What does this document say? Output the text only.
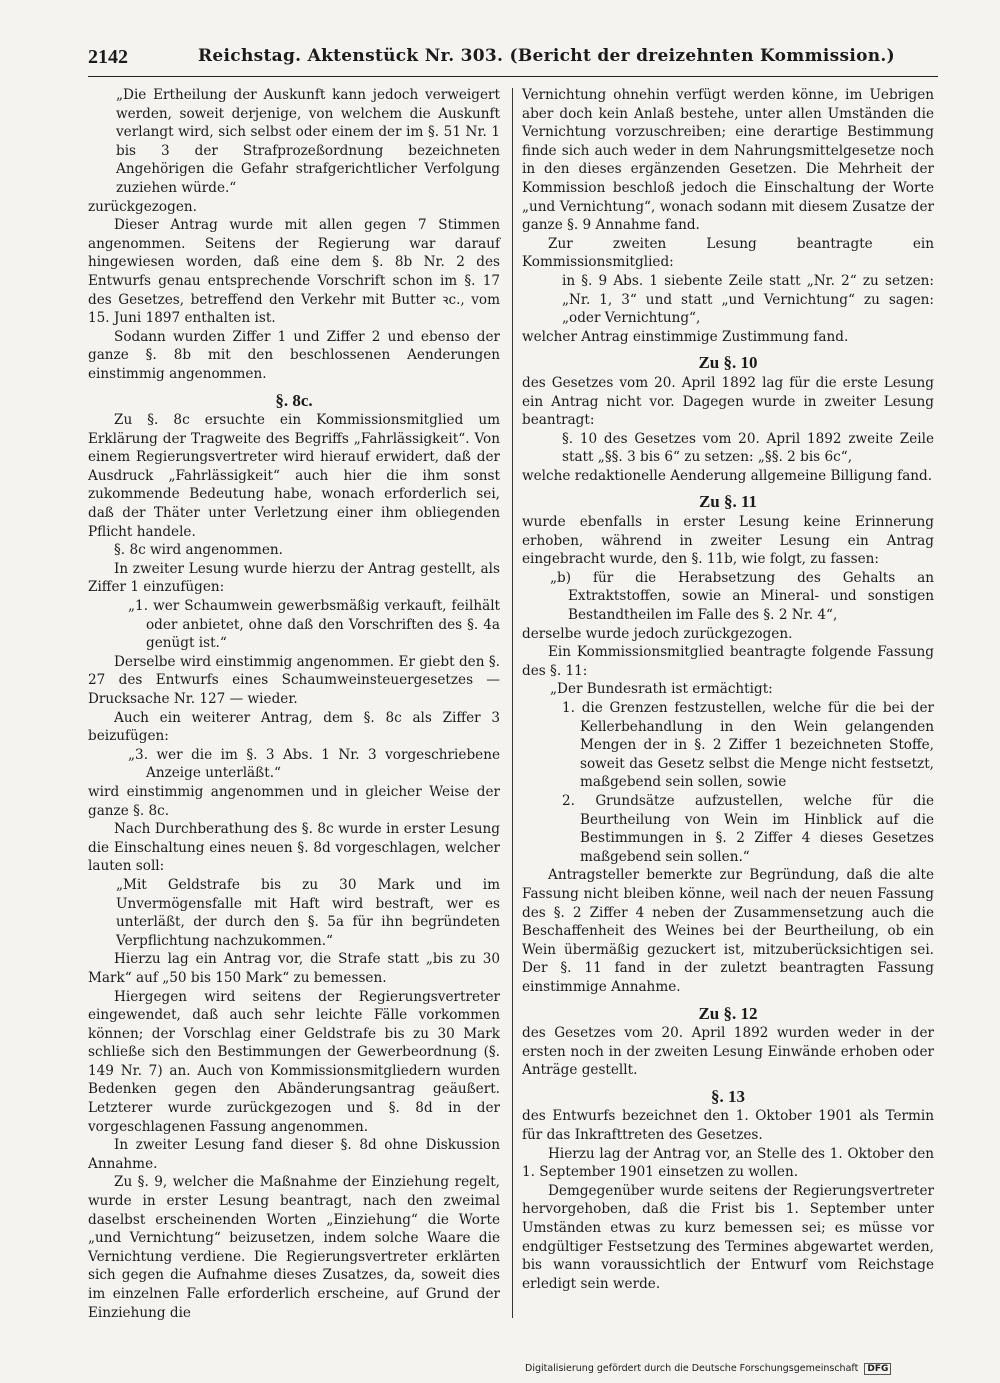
2142	Reichstag. Aktenstück Nr. 303. (Bericht der dreizehnten Kommission.)

„Die Ertheilung der Auskunft kann jedoch verweigert werden, soweit derjenige, von welchem die Auskunft verlangt wird, sich selbst oder einem der im §. 51 Nr. 1 bis 3 der Strafprozeßordnung bezeichneten Angehörigen die Gefahr strafgerichtlicher Verfolgung zuziehen würde.“

zurückgezogen.

Dieser Antrag wurde mit allen gegen 7 Stimmen angenommen. Seitens der Regierung war darauf hingewiesen worden, daß eine dem §. 8b Nr. 2 des Entwurfs genau entsprechende Vorschrift schon im §. 17 des Gesetzes, betreffend den Verkehr mit Butter ꝛc., vom 15. Juni 1897 enthalten ist.

Sodann wurden Ziffer 1 und Ziffer 2 und ebenso der ganze §. 8b mit den beschlossenen Aenderungen einstimmig angenommen.

§. 8c.

Zu §. 8c ersuchte ein Kommissionsmitglied um Erklärung der Tragweite des Begriffs „Fahrlässigkeit“. Von einem Regierungsvertreter wird hierauf erwidert, daß der Ausdruck „Fahrlässigkeit“ auch hier die ihm sonst zukommende Bedeutung habe, wonach erforderlich sei, daß der Thäter unter Verletzung einer ihm obliegenden Pflicht handele.

§. 8c wird angenommen.

In zweiter Lesung wurde hierzu der Antrag gestellt, als Ziffer 1 einzufügen:

„1. wer Schaumwein gewerbsmäßig verkauft, feilhält oder anbietet, ohne daß den Vorschriften des §. 4a genügt ist.“

Derselbe wird einstimmig angenommen. Er giebt den §. 27 des Entwurfs eines Schaumweinsteuergesetzes — Drucksache Nr. 127 — wieder.

Auch ein weiterer Antrag, dem §. 8c als Ziffer 3 beizufügen:

„3. wer die im §. 3 Abs. 1 Nr. 3 vorgeschriebene Anzeige unterläßt.“

wird einstimmig angenommen und in gleicher Weise der ganze §. 8c.

Nach Durchberathung des §. 8c wurde in erster Lesung die Einschaltung eines neuen §. 8d vorgeschlagen, welcher lauten soll:

„Mit Geldstrafe bis zu 30 Mark und im Unvermögensfalle mit Haft wird bestraft, wer es unterläßt, der durch den §. 5a für ihn begründeten Verpflichtung nachzukommen.“

Hierzu lag ein Antrag vor, die Strafe statt „bis zu 30 Mark“ auf „50 bis 150 Mark“ zu bemessen.

Hiergegen wird seitens der Regierungsvertreter eingewendet, daß auch sehr leichte Fälle vorkommen können; der Vorschlag einer Geldstrafe bis zu 30 Mark schließe sich den Bestimmungen der Gewerbeordnung (§. 149 Nr. 7) an. Auch von Kommissionsmitgliedern wurden Bedenken gegen den Abänderungsantrag geäußert. Letzterer wurde zurückgezogen und §. 8d in der vorgeschlagenen Fassung angenommen.

In zweiter Lesung fand dieser §. 8d ohne Diskussion Annahme.

Zu §. 9, welcher die Maßnahme der Einziehung regelt, wurde in erster Lesung beantragt, nach den zweimal daselbst erscheinenden Worten „Einziehung“ die Worte „und Vernichtung“ beizusetzen, indem solche Waare die Vernichtung verdiene. Die Regierungsvertreter erklärten sich gegen die Aufnahme dieses Zusatzes, da, soweit dies im einzelnen Falle erforderlich erscheine, auf Grund der Einziehung die

Vernichtung ohnehin verfügt werden könne, im Uebrigen aber doch kein Anlaß bestehe, unter allen Umständen die Vernichtung vorzuschreiben; eine derartige Bestimmung finde sich auch weder in dem Nahrungsmittelgesetze noch in den dieses ergänzenden Gesetzen. Die Mehrheit der Kommission beschloß jedoch die Einschaltung der Worte „und Vernichtung“, wonach sodann mit diesem Zusatze der ganze §. 9 Annahme fand.

Zur zweiten Lesung beantragte ein Kommissionsmitglied:

in §. 9 Abs. 1 siebente Zeile statt „Nr. 2“ zu setzen: „Nr. 1, 3“ und statt „und Vernichtung“ zu sagen: „oder Vernichtung“,

welcher Antrag einstimmige Zustimmung fand.

Zu §. 10

des Gesetzes vom 20. April 1892 lag für die erste Lesung ein Antrag nicht vor. Dagegen wurde in zweiter Lesung beantragt:

§. 10 des Gesetzes vom 20. April 1892 zweite Zeile statt „§§. 3 bis 6“ zu setzen: „§§. 2 bis 6c“,

welche redaktionelle Aenderung allgemeine Billigung fand.

Zu §. 11

wurde ebenfalls in erster Lesung keine Erinnerung erhoben, während in zweiter Lesung ein Antrag eingebracht wurde, den §. 11b, wie folgt, zu fassen:

„b) für die Herabsetzung des Gehalts an Extraktstoffen, sowie an Mineral- und sonstigen Bestandtheilen im Falle des §. 2 Nr. 4“,

derselbe wurde jedoch zurückgezogen.

Ein Kommissionsmitglied beantragte folgende Fassung des §. 11:

„Der Bundesrath ist ermächtigt:

1. die Grenzen festzustellen, welche für die bei der Kellerbehandlung in den Wein gelangenden Mengen der in §. 2 Ziffer 1 bezeichneten Stoffe, soweit das Gesetz selbst die Menge nicht festsetzt, maßgebend sein sollen, sowie

2. Grundsätze aufzustellen, welche für die Beurtheilung von Wein im Hinblick auf die Bestimmungen in §. 2 Ziffer 4 dieses Gesetzes maßgebend sein sollen.“

Antragsteller bemerkte zur Begründung, daß die alte Fassung nicht bleiben könne, weil nach der neuen Fassung des §. 2 Ziffer 4 neben der Zusammensetzung auch die Beschaffenheit des Weines bei der Beurtheilung, ob ein Wein übermäßig gezuckert ist, mitzuberücksichtigen sei. Der §. 11 fand in der zuletzt beantragten Fassung einstimmige Annahme.

Zu §. 12

des Gesetzes vom 20. April 1892 wurden weder in der ersten noch in der zweiten Lesung Einwände erhoben oder Anträge gestellt.

§. 13

des Entwurfs bezeichnet den 1. Oktober 1901 als Termin für das Inkrafttreten des Gesetzes.

Hierzu lag der Antrag vor, an Stelle des 1. Oktober den 1. September 1901 einsetzen zu wollen.

Demgegenüber wurde seitens der Regierungsvertreter hervorgehoben, daß die Frist bis 1. September unter Umständen etwas zu kurz bemessen sei; es müsse vor endgültiger Festsetzung des Termines abgewartet werden, bis wann voraussichtlich der Entwurf vom Reichstage erledigt sein werde.

Digitalisierung gefördert durch die Deutsche Forschungsgemeinschaft DFG
